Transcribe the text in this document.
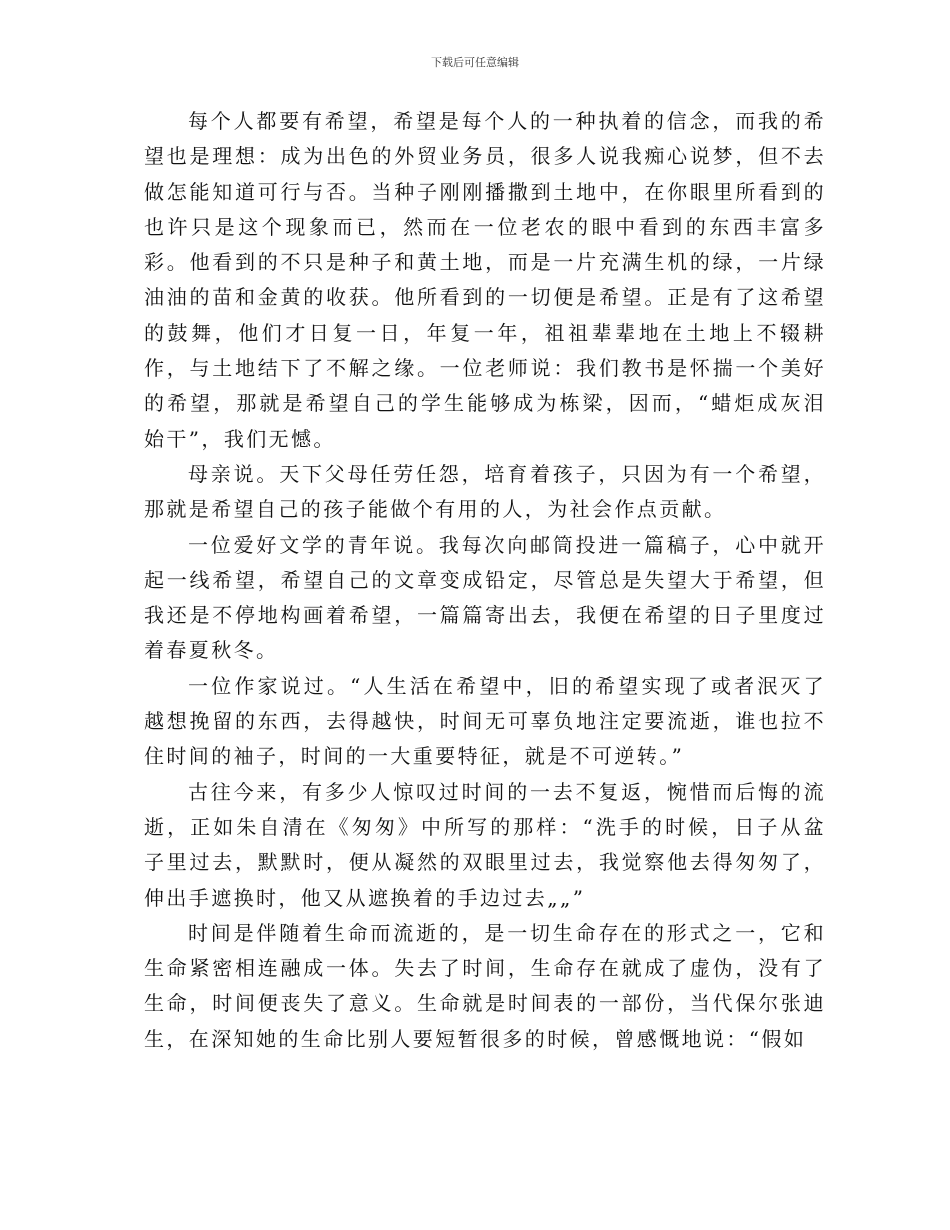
下载后可任意编辑

每个人都要有希望，希望是每个人的一种执着的信念，而我的希望也是理想：成为出色的外贸业务员，很多人说我痴心说梦，但不去做怎能知道可行与否。当种子刚刚播撒到土地中，在你眼里所看到的也许只是这个现象而已，然而在一位老农的眼中看到的东西丰富多彩。他看到的不只是种子和黄土地，而是一片充满生机的绿，一片绿油油的苗和金黄的收获。他所看到的一切便是希望。正是有了这希望的鼓舞，他们才日复一日，年复一年，祖祖辈辈地在土地上不辍耕作，与土地结下了不解之缘。一位老师说：我们教书是怀揣一个美好的希望，那就是希望自己的学生能够成为栋梁，因而，“蜡炬成灰泪始干”，我们无憾。

母亲说。天下父母任劳任怨，培育着孩子，只因为有一个希望，那就是希望自己的孩子能做个有用的人，为社会作点贡献。

一位爱好文学的青年说。我每次向邮筒投进一篇稿子，心中就开起一线希望，希望自己的文章变成铅定，尽管总是失望大于希望，但我还是不停地构画着希望，一篇篇寄出去，我便在希望的日子里度过着春夏秋冬。

一位作家说过。“人生活在希望中，旧的希望实现了或者泯灭了越想挽留的东西，去得越快，时间无可辜负地注定要流逝，谁也拉不住时间的袖子，时间的一大重要特征，就是不可逆转。”

古往今来，有多少人惊叹过时间的一去不复返，惋惜而后悔的流逝，正如朱自清在《匆匆》中所写的那样：“洗手的时候，日子从盆子里过去，默默时，便从凝然的双眼里过去，我觉察他去得匆匆了，伸出手遮换时，他又从遮换着的手边过去„„”

时间是伴随着生命而流逝的，是一切生命存在的形式之一，它和生命紧密相连融成一体。失去了时间，生命存在就成了虚伪，没有了生命，时间便丧失了意义。生命就是时间表的一部份，当代保尔张迪生，在深知她的生命比别人要短暂很多的时候，曾感慨地说：“假如
